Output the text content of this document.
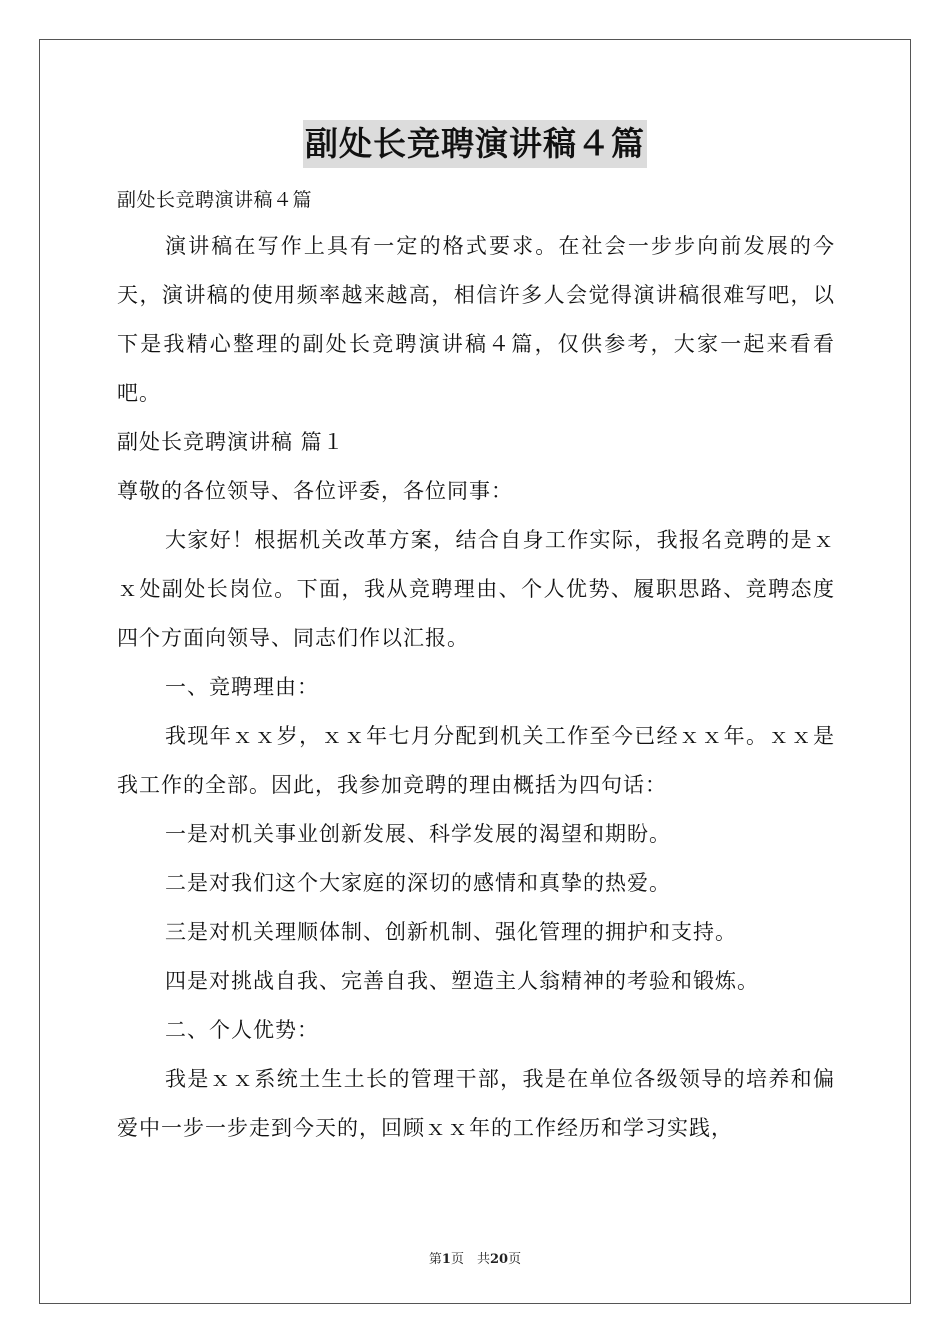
副处长竞聘演讲稿４篇

副处长竞聘演讲稿４篇

演讲稿在写作上具有一定的格式要求。在社会一步步向前发展的今天，演讲稿的使用频率越来越高，相信许多人会觉得演讲稿很难写吧，以下是我精心整理的副处长竞聘演讲稿４篇，仅供参考，大家一起来看看吧。

副处长竞聘演讲稿 篇１

尊敬的各位领导、各位评委，各位同事：

大家好！根据机关改革方案，结合自身工作实际，我报名竞聘的是ｘｘ处副处长岗位。下面，我从竞聘理由、个人优势、履职思路、竞聘态度四个方面向领导、同志们作以汇报。

一、竞聘理由：

我现年ｘｘ岁，ｘｘ年七月分配到机关工作至今已经ｘｘ年。ｘｘ是我工作的全部。因此，我参加竞聘的理由概括为四句话：

一是对机关事业创新发展、科学发展的渴望和期盼。

二是对我们这个大家庭的深切的感情和真挚的热爱。

三是对机关理顺体制、创新机制、强化管理的拥护和支持。

四是对挑战自我、完善自我、塑造主人翁精神的考验和锻炼。

二、个人优势：

我是ｘｘ系统土生土长的管理干部，我是在单位各级领导的培养和偏爱中一步一步走到今天的，回顾ｘｘ年的工作经历和学习实践，

第1页　共20页
